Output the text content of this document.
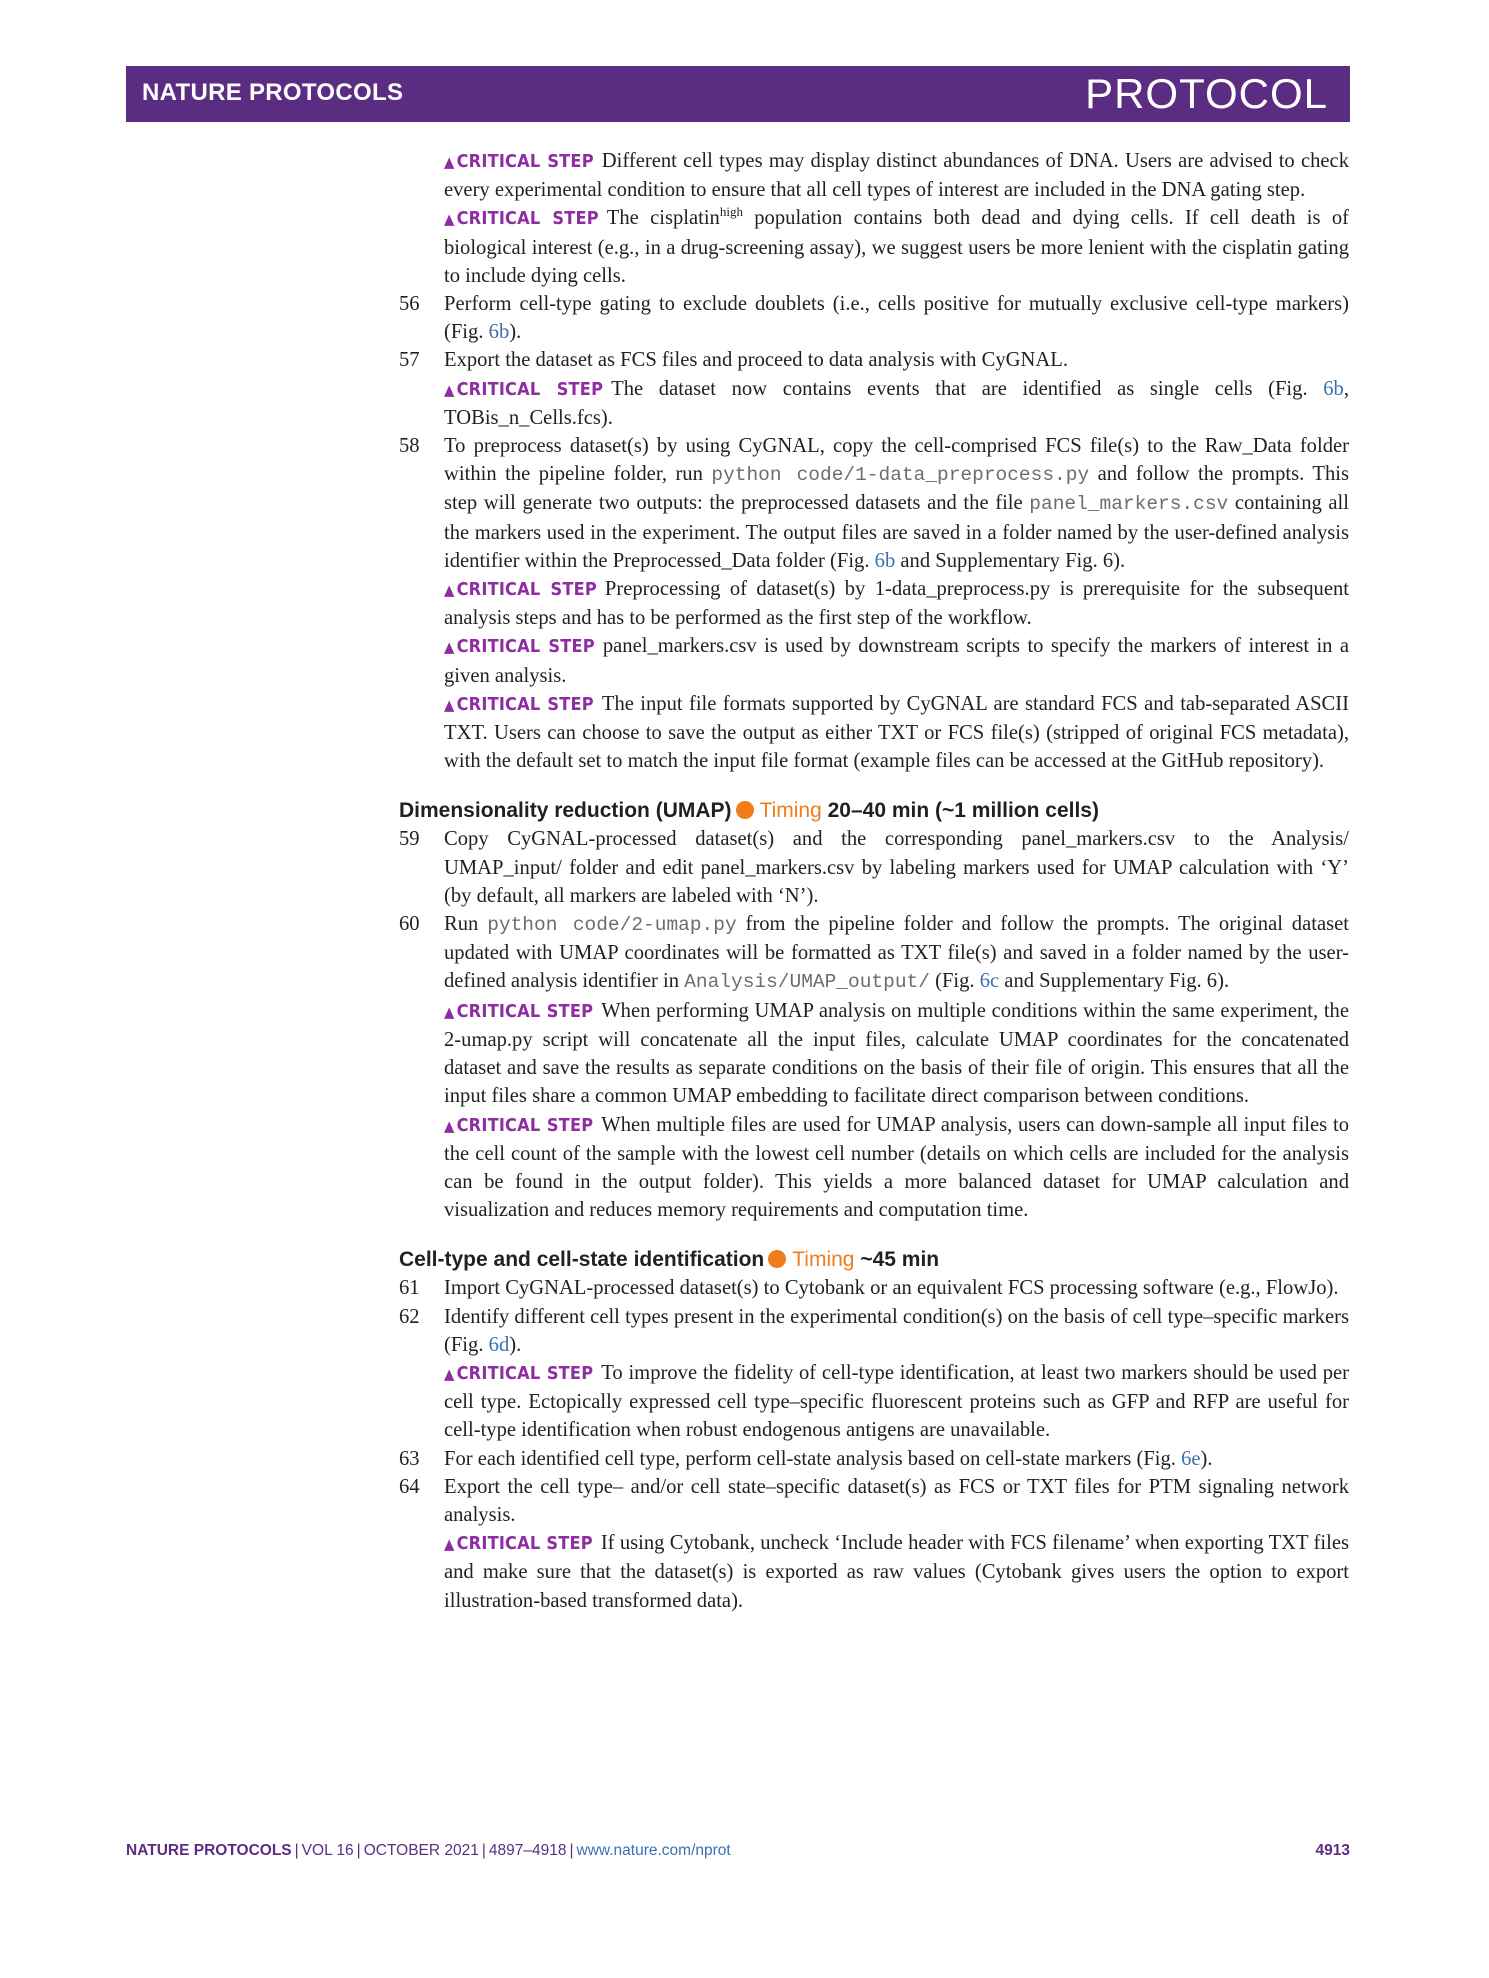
NATURE PROTOCOLS	PROTOCOL

▲ CRITICAL STEP Different cell types may display distinct abundances of DNA. Users are advised to check every experimental condition to ensure that all cell types of interest are included in the DNA gating step.

▲ CRITICAL STEP The cisplatin$^{high}$ population contains both dead and dying cells. If cell death is of biological interest (e.g., in a drug-screening assay), we suggest users be more lenient with the cisplatin gating to include dying cells.

56	Perform cell-type gating to exclude doublets (i.e., cells positive for mutually exclusive cell-type markers) (Fig. 6b).

57	Export the dataset as FCS files and proceed to data analysis with CyGNAL.

▲ CRITICAL STEP The dataset now contains events that are identified as single cells (Fig. 6b, TOBis_n_Cells.fcs).

58	To preprocess dataset(s) by using CyGNAL, copy the cell-comprised FCS file(s) to the Raw_Data folder within the pipeline folder, run python code/1-data_preprocess.py and follow the prompts. This step will generate two outputs: the preprocessed datasets and the file panel_markers.csv containing all the markers used in the experiment. The output files are saved in a folder named by the user-defined analysis identifier within the Preprocessed_Data folder (Fig. 6b and Supplementary Fig. 6).

▲ CRITICAL STEP Preprocessing of dataset(s) by 1-data_preprocess.py is prerequisite for the subsequent analysis steps and has to be performed as the first step of the workflow.

▲ CRITICAL STEP panel_markers.csv is used by downstream scripts to specify the markers of interest in a given analysis.

▲ CRITICAL STEP The input file formats supported by CyGNAL are standard FCS and tab-separated ASCII TXT. Users can choose to save the output as either TXT or FCS file(s) (stripped of original FCS metadata), with the default set to match the input file format (example files can be accessed at the GitHub repository).

Dimensionality reduction (UMAP) Timing 20–40 min (~1 million cells)

59	Copy CyGNAL-processed dataset(s) and the corresponding panel_markers.csv to the Analysis/ UMAP_input/ folder and edit panel_markers.csv by labeling markers used for UMAP calculation with ‘Y’ (by default, all markers are labeled with ‘N’).

60	Run python code/2-umap.py from the pipeline folder and follow the prompts. The original dataset updated with UMAP coordinates will be formatted as TXT file(s) and saved in a folder named by the user-defined analysis identifier in Analysis/UMAP_output/ (Fig. 6c and Supplementary Fig. 6).

▲ CRITICAL STEP When performing UMAP analysis on multiple conditions within the same experiment, the 2-umap.py script will concatenate all the input files, calculate UMAP coordinates for the concatenated dataset and save the results as separate conditions on the basis of their file of origin. This ensures that all the input files share a common UMAP embedding to facilitate direct comparison between conditions.

▲ CRITICAL STEP When multiple files are used for UMAP analysis, users can down-sample all input files to the cell count of the sample with the lowest cell number (details on which cells are included for the analysis can be found in the output folder). This yields a more balanced dataset for UMAP calculation and visualization and reduces memory requirements and computation time.

Cell-type and cell-state identification Timing ~45 min

61	Import CyGNAL-processed dataset(s) to Cytobank or an equivalent FCS processing software (e.g., FlowJo).

62	Identify different cell types present in the experimental condition(s) on the basis of cell type–specific markers (Fig. 6d).

▲ CRITICAL STEP To improve the fidelity of cell-type identification, at least two markers should be used per cell type. Ectopically expressed cell type–specific fluorescent proteins such as GFP and RFP are useful for cell-type identification when robust endogenous antigens are unavailable.

63	For each identified cell type, perform cell-state analysis based on cell-state markers (Fig. 6e).

64	Export the cell type– and/or cell state–specific dataset(s) as FCS or TXT files for PTM signaling network analysis.

▲ CRITICAL STEP If using Cytobank, uncheck ‘Include header with FCS filename’ when exporting TXT files and make sure that the dataset(s) is exported as raw values (Cytobank gives users the option to export illustration-based transformed data).

NATURE PROTOCOLS | VOL 16 | OCTOBER 2021 | 4897–4918 | www.nature.com/nprot	4913
